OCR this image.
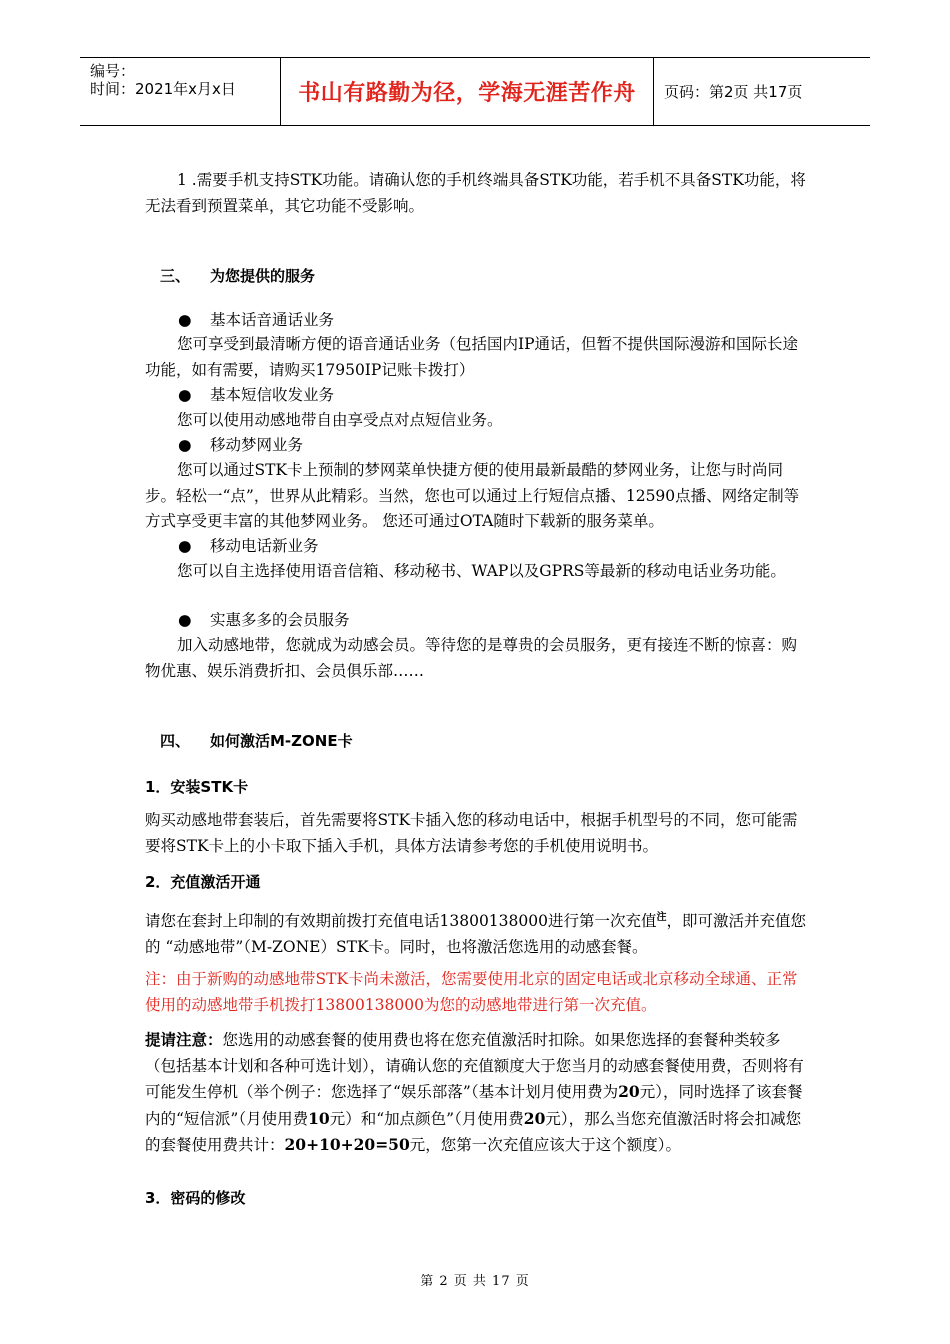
编号：
时间：2021年x月x日	书山有路勤为径，学海无涯苦作舟 页码：第2页 共17页
1 .需要手机支持STK功能。请确认您的手机终端具备STK功能，若手机不具备STK功能，将无法看到预置菜单，其它功能不受影响。
三、 为您提供的服务
● 基本话音通话业务
您可享受到最清晰方便的语音通话业务（包括国内IP通话，但暂不提供国际漫游和国际长途功能，如有需要，请购买17950IP记账卡拨打）
● 基本短信收发业务
您可以使用动感地带自由享受点对点短信业务。
● 移动梦网业务
您可以通过STK卡上预制的梦网菜单快捷方便的使用最新最酷的梦网业务，让您与时尚同步。轻松一“点”，世界从此精彩。当然，您也可以通过上行短信点播、12590点播、网络定制等方式享受更丰富的其他梦网业务。 您还可通过OTA随时下载新的服务菜单。
● 移动电话新业务
您可以自主选择使用语音信箱、移动秘书、WAP以及GPRS等最新的移动电话业务功能。
● 实惠多多的会员服务
加入动感地带，您就成为动感会员。等待您的是尊贵的会员服务，更有接连不断的惊喜：购物优惠、娱乐消费折扣、会员俱乐部……
四、 如何激活M-ZONE卡
1．安装STK卡
购买动感地带套装后，首先需要将STK卡插入您的移动电话中，根据手机型号的不同，您可能需要将STK卡上的小卡取下插入手机，具体方法请参考您的手机使用说明书。
2．充值激活开通
请您在套封上印制的有效期前拨打充值电话13800138000进行第一次充值$^注$，即可激活并充值您的 “动感地带”（M-ZONE）STK卡。同时，也将激活您选用的动感套餐。
注：由于新购的动感地带STK卡尚未激活，您需要使用北京的固定电话或北京移动全球通、正常使用的动感地带手机拨打13800138000为您的动感地带进行第一次充值。
提请注意：您选用的动感套餐的使用费也将在您充值激活时扣除。如果您选择的套餐种类较多（包括基本计划和各种可选计划），请确认您的充值额度大于您当月的动感套餐使用费，否则将有可能发生停机（举个例子：您选择了“娱乐部落”（基本计划月使用费为20元），同时选择了该套餐内的“短信派”（月使用费10元）和“加点颜色”（月使用费20元），那么当您充值激活时将会扣减您的套餐使用费共计：20+10+20=50元，您第一次充值应该大于这个额度）。
3．密码的修改
第 2 页 共 17 页
